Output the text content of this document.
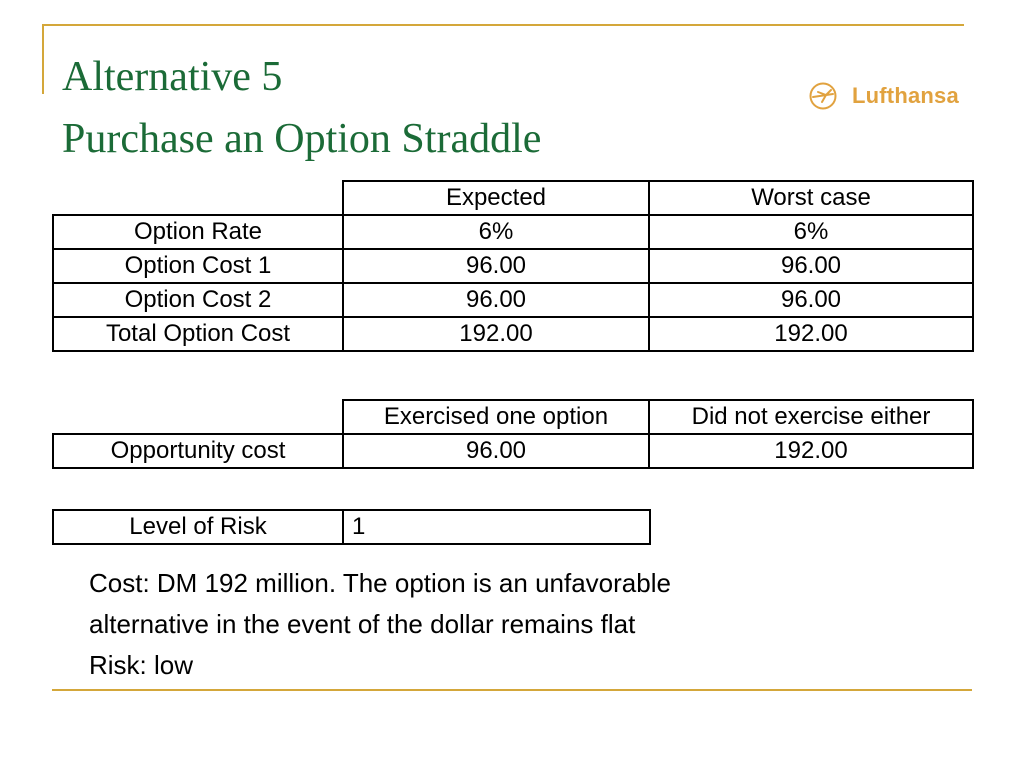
Alternative 5
Purchase an Option Straddle
Lufthansa
	Expected	Worst case
Option Rate	6%	6%
Option Cost 1	96.00	96.00
Option Cost 2	96.00	96.00
Total Option Cost	192.00	192.00
	Exercised one option	Did not exercise either
Opportunity cost	96.00	192.00
Level of Risk	1
Cost: DM 192 million. The option is an unfavorable
alternative in the event of the dollar remains flat
Risk: low
